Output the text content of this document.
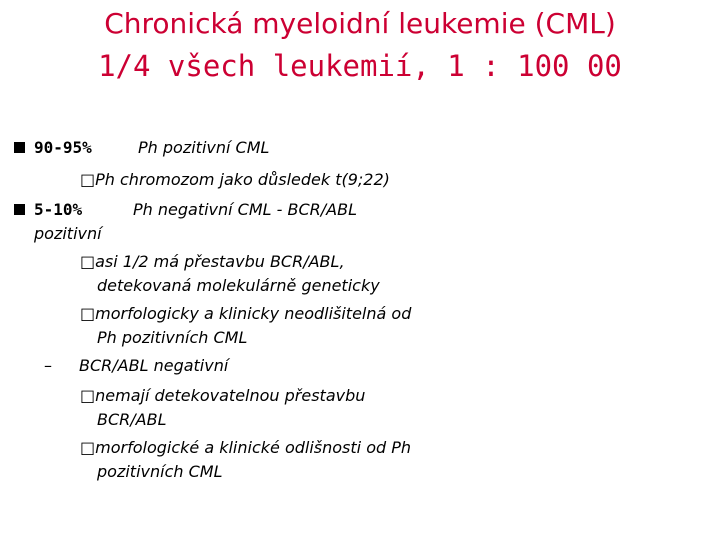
Chronická myeloidní leukemie (CML)
1/4 všech leukemií, 1 : 100 00
90-95%	Ph pozitivní CML
□Ph chromozom jako důsledek t(9;22)
5-10%	Ph negativní CML - BCR/ABL
pozitivní
□asi 1/2 má přestavbu BCR/ABL,
detekovaná molekulárně geneticky
□morfologicky a klinicky neodlišitelná od
Ph pozitivních CML
– BCR/ABL negativní
□nemají detekovatelnou přestavbu
BCR/ABL
□morfologické a klinické odlišnosti od Ph
pozitivních CML
